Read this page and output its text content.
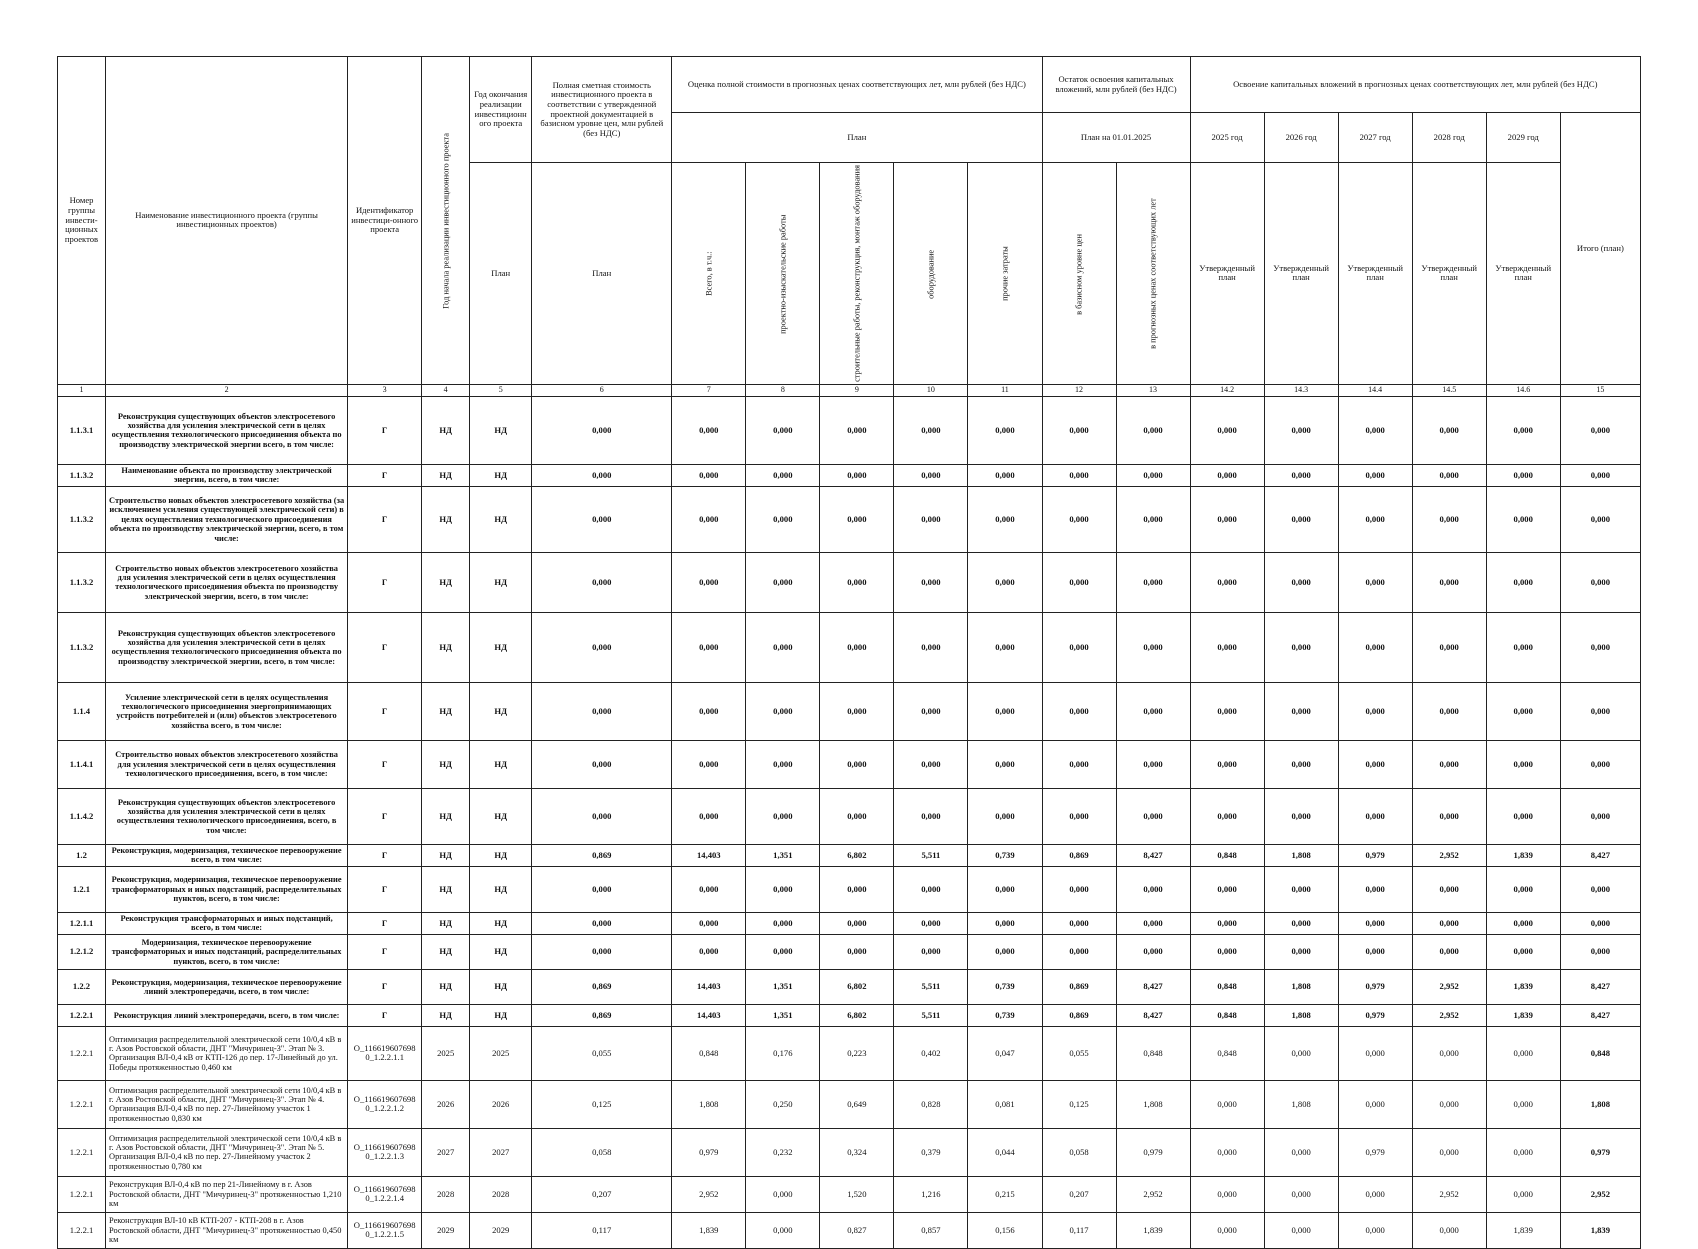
Номер группы инвести-ционных проектов	Наименование инвестиционного проекта (группы инвестиционных проектов)	Идентификатор инвестици-онного проекта	Год начала реализации инвестиционного проекта	Год окончания реализации инвестиционн ого проекта	Полная сметная стоимость инвестиционного проекта в соответствии с утвержденной проектной документацией в базисном уровне цен, млн рублей (без НДС)	Оценка полной стоимости в прогнозных ценах соответствующих лет, млн рублей (без НДС)					Остаток освоения капитальных вложений, млн рублей (без НДС)		Освоение капитальных вложений в прогнозных ценах соответствующих лет, млн рублей (без НДС)					
						План					План на 01.01.2025		2025 год	2026 год	2027 год	2028 год	2029 год	Итого (план)
				План	План	Всего, в т.ч.:	проектно-изыскательские работы	строительные работы, реконструкция, монтаж оборудования	оборудование	прочие затраты	в базисном уровне цен	в прогнозных ценах соответствующих лет	Утвержденный план	Утвержденный план	Утвержденный план	Утвержденный план	Утвержденный план	
1	2	3	4	5	6	7	8	9	10	11	12	13	14.2	14.3	14.4	14.5	14.6	15
1.1.3.1	Реконструкция существующих объектов электросетевого хозяйства для усиления электрической сети в целях осуществления технологического присоединения объекта по производству электрической энергии всего, в том числе:	Г	НД	НД	0,000	0,000	0,000	0,000	0,000	0,000	0,000	0,000	0,000	0,000	0,000	0,000	0,000	0,000
1.1.3.2	Наименование объекта по производству электрической энергии, всего, в том числе:	Г	НД	НД	0,000	0,000	0,000	0,000	0,000	0,000	0,000	0,000	0,000	0,000	0,000	0,000	0,000	0,000
1.1.3.2	Строительство новых объектов электросетевого хозяйства (за исключением усиления существующей электрической сети) в целях осуществления технологического присоединения объекта по производству электрической энергии, всего, в том числе:	Г	НД	НД	0,000	0,000	0,000	0,000	0,000	0,000	0,000	0,000	0,000	0,000	0,000	0,000	0,000	0,000
1.1.3.2	Строительство новых объектов электросетевого хозяйства для усиления электрической сети в целях осуществления технологического присоединения объекта по производству электрической энергии, всего, в том числе:	Г	НД	НД	0,000	0,000	0,000	0,000	0,000	0,000	0,000	0,000	0,000	0,000	0,000	0,000	0,000	0,000
1.1.3.2	Реконструкция существующих объектов электросетевого хозяйства для усиления электрической сети в целях осуществления технологического присоединения объекта по производству электрической энергии, всего, в том числе:	Г	НД	НД	0,000	0,000	0,000	0,000	0,000	0,000	0,000	0,000	0,000	0,000	0,000	0,000	0,000	0,000
1.1.4	Усиление электрической сети в целях осуществления технологического присоединения энергопринимающих устройств потребителей и (или) объектов электросетевого хозяйства всего, в том числе:	Г	НД	НД	0,000	0,000	0,000	0,000	0,000	0,000	0,000	0,000	0,000	0,000	0,000	0,000	0,000	0,000
1.1.4.1	Строительство новых объектов электросетевого хозяйства для усиления электрической сети в целях осуществления технологического присоединения, всего, в том числе:	Г	НД	НД	0,000	0,000	0,000	0,000	0,000	0,000	0,000	0,000	0,000	0,000	0,000	0,000	0,000	0,000
1.1.4.2	Реконструкция существующих объектов электросетевого хозяйства для усиления электрической сети в целях осуществления технологического присоединения, всего, в том числе:	Г	НД	НД	0,000	0,000	0,000	0,000	0,000	0,000	0,000	0,000	0,000	0,000	0,000	0,000	0,000	0,000
1.2	Реконструкция, модернизация, техническое перевооружение всего, в том числе:	Г	НД	НД	0,869	14,403	1,351	6,802	5,511	0,739	0,869	8,427	0,848	1,808	0,979	2,952	1,839	8,427
1.2.1	Реконструкция, модернизация, техническое перевооружение трансформаторных и иных подстанций, распределительных пунктов, всего, в том числе:	Г	НД	НД	0,000	0,000	0,000	0,000	0,000	0,000	0,000	0,000	0,000	0,000	0,000	0,000	0,000	0,000
1.2.1.1	Реконструкция трансформаторных и иных подстанций, всего, в том числе:	Г	НД	НД	0,000	0,000	0,000	0,000	0,000	0,000	0,000	0,000	0,000	0,000	0,000	0,000	0,000	0,000
1.2.1.2	Модернизация, техническое перевооружение трансформаторных и иных подстанций, распределительных пунктов, всего, в том числе:	Г	НД	НД	0,000	0,000	0,000	0,000	0,000	0,000	0,000	0,000	0,000	0,000	0,000	0,000	0,000	0,000
1.2.2	Реконструкция, модернизация, техническое перевооружение линий электропередачи, всего, в том числе:	Г	НД	НД	0,869	14,403	1,351	6,802	5,511	0,739	0,869	8,427	0,848	1,808	0,979	2,952	1,839	8,427
1.2.2.1	Реконструкция линий электропередачи, всего, в том числе:	Г	НД	НД	0,869	14,403	1,351	6,802	5,511	0,739	0,869	8,427	0,848	1,808	0,979	2,952	1,839	8,427
1.2.2.1	Оптимизация распределительной электрической сети 10/0,4 кВ в г. Азов Ростовской области, ДНТ "Мичуринец-3". Этап № 3. Организация ВЛ-0,4 кВ от КТП-126 до пер. 17-Линейный до ул. Победы протяженностью 0,460 км	О_116619607698 0_1.2.2.1.1	2025	2025	0,055	0,848	0,176	0,223	0,402	0,047	0,055	0,848	0,848	0,000	0,000	0,000	0,000	0,848
1.2.2.1	Оптимизация распределительной электрической сети 10/0,4 кВ в г. Азов Ростовской области, ДНТ "Мичуринец-3". Этап № 4. Организация ВЛ-0,4 кВ по пер. 27-Линейному участок 1 протяженностью 0,830 км	О_116619607698 0_1.2.2.1.2	2026	2026	0,125	1,808	0,250	0,649	0,828	0,081	0,125	1,808	0,000	1,808	0,000	0,000	0,000	1,808
1.2.2.1	Оптимизация распределительной электрической сети 10/0,4 кВ в г. Азов Ростовской области, ДНТ "Мичуринец-3". Этап № 5. Организация ВЛ-0,4 кВ по пер. 27-Линейному участок 2 протяженностью 0,780 км	О_116619607698 0_1.2.2.1.3	2027	2027	0,058	0,979	0,232	0,324	0,379	0,044	0,058	0,979	0,000	0,000	0,979	0,000	0,000	0,979
1.2.2.1	Реконструкция ВЛ-0,4 кВ по пер 21-Линейному в г. Азов Ростовской области, ДНТ "Мичуринец-3" протяженностью 1,210 км	О_116619607698 0_1.2.2.1.4	2028	2028	0,207	2,952	0,000	1,520	1,216	0,215	0,207	2,952	0,000	0,000	0,000	2,952	0,000	2,952
1.2.2.1	Реконструкция ВЛ-10 кВ КТП-207 - КТП-208 в г. Азов Ростовской области, ДНТ "Мичуринец-3" протяженностью 0,450 км	О_116619607698 0_1.2.2.1.5	2029	2029	0,117	1,839	0,000	0,827	0,857	0,156	0,117	1,839	0,000	0,000	0,000	0,000	1,839	1,839
